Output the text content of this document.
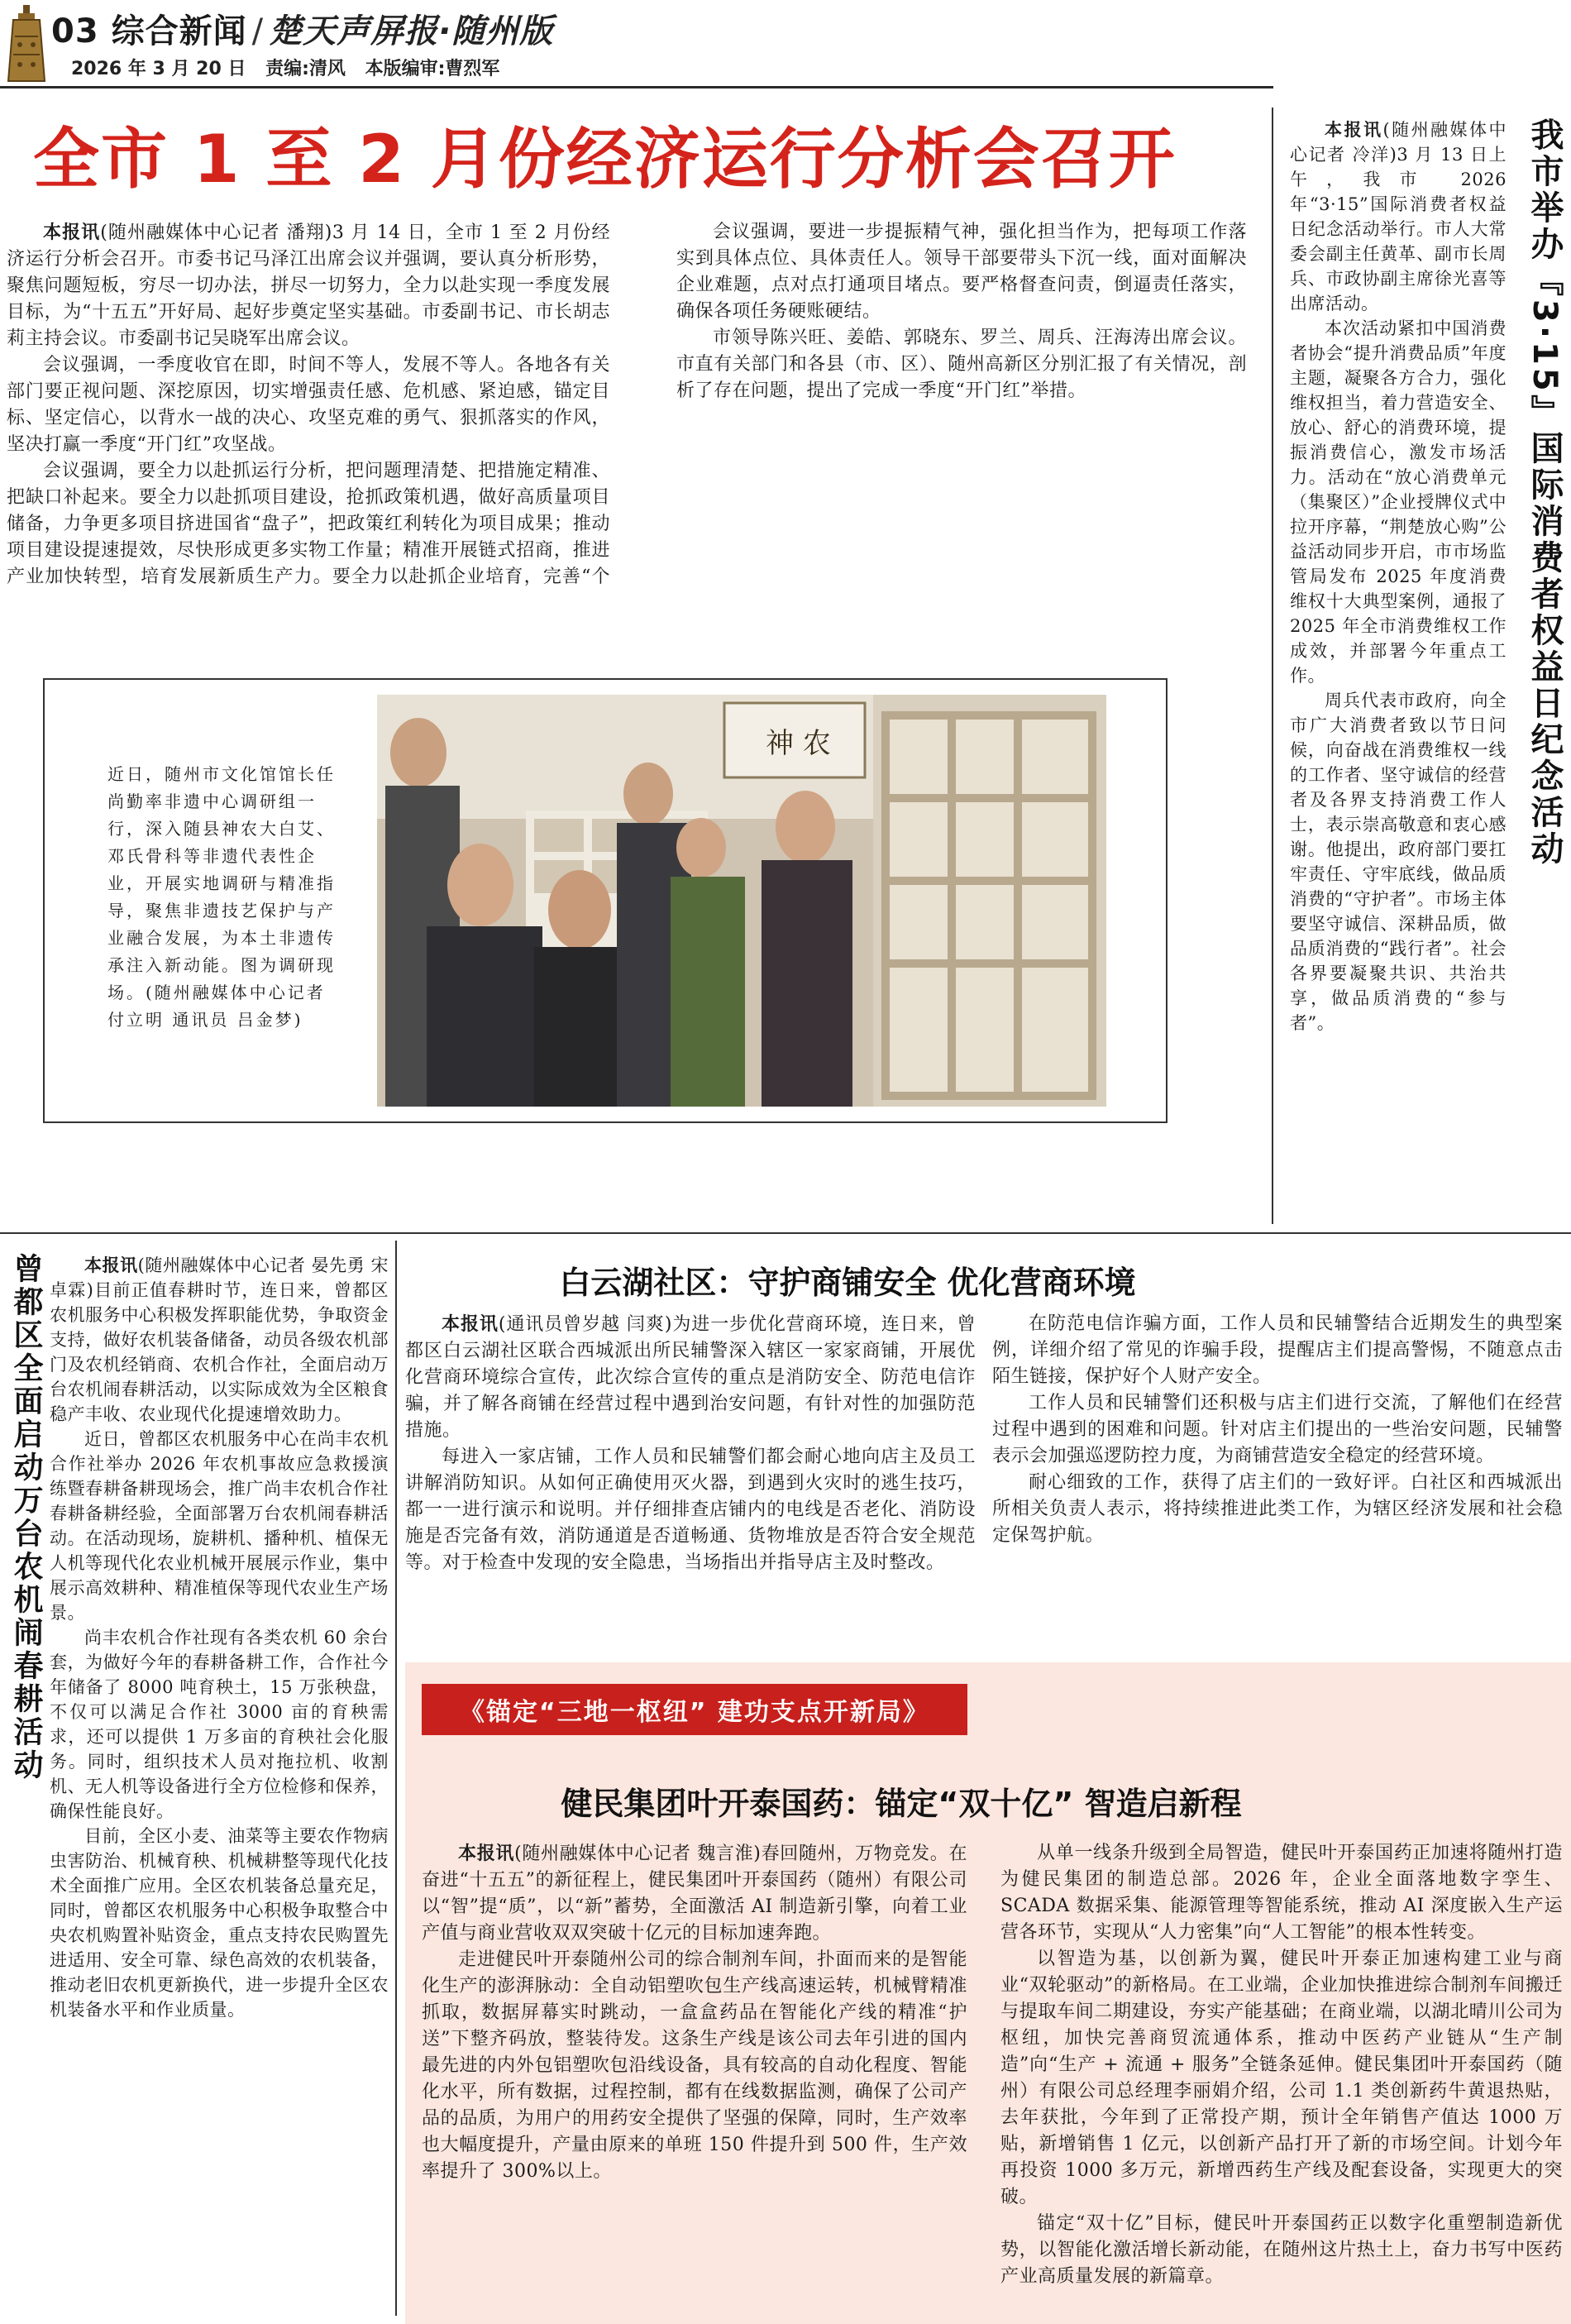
03 综合新闻 / 楚天声屏报·随州版
2026 年 3 月 20 日 责编:清风 本版编审:曹烈军
全市 1 至 2 月份经济运行分析会召开

本报讯(随州融媒体中心记者 潘翔)3 月 14 日，全市 1 至 2 月份经济运行分析会召开。市委书记马泽江出席会议并强调，要认真分析形势，聚焦问题短板，穷尽一切办法，拼尽一切努力，全力以赴实现一季度发展目标，为“十五五”开好局、起好步奠定坚实基础。市委副书记、市长胡志莉主持会议。市委副书记吴晓军出席会议。

会议强调，一季度收官在即，时间不等人，发展不等人。各地各有关部门要正视问题、深挖原因，切实增强责任感、危机感、紧迫感，锚定目标、坚定信心，以背水一战的决心、攻坚克难的勇气、狠抓落实的作风，坚决打赢一季度“开门红”攻坚战。

会议强调，要全力以赴抓运行分析，把问题理清楚、把措施定精准、把缺口补起来。要全力以赴抓项目建设，抢抓政策机遇，做好高质量项目储备，力争更多项目挤进国省“盘子”，把政策红利转化为项目成果；推动项目建设提速提效，尽快形成更多实物工作量；精准开展链式招商，推进产业加快转型，培育发展新质生产力。要全力以赴抓企业培育，完善“个

会议强调，要进一步提振精气神，强化担当作为，把每项工作落实到具体点位、具体责任人。领导干部要带头下沉一线，面对面解决企业难题，点对点打通项目堵点。要严格督查问责，倒逼责任落实，确保各项任务硬账硬结。

市领导陈兴旺、姜皓、郭晓东、罗兰、周兵、汪海涛出席会议。市直有关部门和各县（市、区）、随州高新区分别汇报了有关情况，剖析了存在问题，提出了完成一季度“开门红”举措。	我市举办『3·15』国际消费者权益日纪念活动

本报讯(随州融媒体中心记者 冷洋)3 月 13 日上午，我市 2026 年“3·15”国际消费者权益日纪念活动举行。市人大常委会副主任黄革、副市长周兵、市政协副主席徐光喜等出席活动。

本次活动紧扣中国消费者协会“提升消费品质”年度主题，凝聚各方合力，强化维权担当，着力营造安全、放心、舒心的消费环境，提振消费信心，激发市场活力。活动在“放心消费单元（集聚区）”企业授牌仪式中拉开序幕，“荆楚放心购”公益活动同步开启，市市场监管局发布 2025 年度消费维权十大典型案例，通报了 2025 年全市消费维权工作成效，并部署今年重点工作。

周兵代表市政府，向全市广大消费者致以节日问候，向奋战在消费维权一线的工作者、坚守诚信的经营者及各界支持消费工作人士，表示崇高敬意和衷心感谢。他提出，政府部门要扛牢责任、守牢底线，做品质消费的“守护者”。市场主体要坚守诚信、深耕品质，做品质消费的“践行者”。社会各界要凝聚共识、共治共享，做品质消费的“参与者”。

近日，随州市文化馆馆长任尚勤率非遗中心调研组一行，深入随县神农大白艾、邓氏骨科等非遗代表性企业，开展实地调研与精准指导，聚焦非遗技艺保护与产业融合发展，为本土非遗传承注入新动能。图为调研现场。(随州融媒体中心记者 付立明 通讯员 吕金梦)
神 农
曾都区全面启动万台农机闹春耕活动	本报讯(随州融媒体中心记者 晏先勇 宋卓霖)目前正值春耕时节，连日来，曾都区农机服务中心积极发挥职能优势，争取资金支持，做好农机装备储备，动员各级农机部门及农机经销商、农机合作社，全面启动万台农机闹春耕活动，以实际成效为全区粮食稳产丰收、农业现代化提速增效助力。

近日，曾都区农机服务中心在尚丰农机合作社举办 2026 年农机事故应急救援演练暨春耕备耕现场会，推广尚丰农机合作社春耕备耕经验，全面部署万台农机闹春耕活动。在活动现场，旋耕机、播种机、植保无人机等现代化农业机械开展展示作业，集中展示高效耕种、精准植保等现代农业生产场景。

尚丰农机合作社现有各类农机 60 余台套，为做好今年的春耕备耕工作，合作社今年储备了 8000 吨育秧土，15 万张秧盘，不仅可以满足合作社 3000 亩的育秧需求，还可以提供 1 万多亩的育秧社会化服务。同时，组织技术人员对拖拉机、收割机、无人机等设备进行全方位检修和保养，确保性能良好。

目前，全区小麦、油菜等主要农作物病虫害防治、机械育秧、机械耕整等现代化技术全面推广应用。全区农机装备总量充足，同时，曾都区农机服务中心积极争取整合中央农机购置补贴资金，重点支持农民购置先进适用、安全可靠、绿色高效的农机装备，推动老旧农机更新换代，进一步提升全区农机装备水平和作业质量。

白云湖社区：守护商铺安全 优化营商环境

本报讯(通讯员曾岁越 闫爽)为进一步优化营商环境，连日来，曾都区白云湖社区联合西城派出所民辅警深入辖区一家家商铺，开展优化营商环境综合宣传，此次综合宣传的重点是消防安全、防范电信诈骗，并了解各商铺在经营过程中遇到治安问题，有针对性的加强防范措施。

每进入一家店铺，工作人员和民辅警们都会耐心地向店主及员工讲解消防知识。从如何正确使用灭火器，到遇到火灾时的逃生技巧，都一一进行演示和说明。并仔细排查店铺内的电线是否老化、消防设施是否完备有效，消防通道是否道畅通、货物堆放是否符合安全规范等。对于检查中发现的安全隐患，当场指出并指导店主及时整改。

在防范电信诈骗方面，工作人员和民辅警结合近期发生的典型案例，详细介绍了常见的诈骗手段，提醒店主们提高警惕，不随意点击陌生链接，保护好个人财产安全。

工作人员和民辅警们还积极与店主们进行交流，了解他们在经营过程中遇到的困难和问题。针对店主们提出的一些治安问题，民辅警表示会加强巡逻防控力度，为商铺营造安全稳定的经营环境。

耐心细致的工作，获得了店主们的一致好评。白社区和西城派出所相关负责人表示，将持续推进此类工作，为辖区经济发展和社会稳定保驾护航。

《锚定“三地一枢纽” 建功支点开新局》
健民集团叶开泰国药：锚定“双十亿” 智造启新程

本报讯(随州融媒体中心记者 魏言淮)春回随州，万物竞发。在奋进“十五五”的新征程上，健民集团叶开泰国药（随州）有限公司以“智”提“质”，以“新”蓄势，全面激活 AI 制造新引擎，向着工业产值与商业营收双双突破十亿元的目标加速奔跑。

走进健民叶开泰随州公司的综合制剂车间，扑面而来的是智能化生产的澎湃脉动：全自动铝塑吹包生产线高速运转，机械臂精准抓取，数据屏幕实时跳动，一盒盒药品在智能化产线的精准“护送”下整齐码放，整装待发。这条生产线是该公司去年引进的国内最先进的内外包铝塑吹包沿线设备，具有较高的自动化程度、智能化水平，所有数据，过程控制，都有在线数据监测，确保了公司产品的品质，为用户的用药安全提供了坚强的保障，同时，生产效率也大幅度提升，产量由原来的单班 150 件提升到 500 件，生产效率提升了 300%以上。

从单一线条升级到全局智造，健民叶开泰国药正加速将随州打造为健民集团的制造总部。2026 年，企业全面落地数字孪生、SCADA 数据采集、能源管理等智能系统，推动 AI 深度嵌入生产运营各环节，实现从“人力密集”向“人工智能”的根本性转变。

以智造为基，以创新为翼，健民叶开泰正加速构建工业与商业“双轮驱动”的新格局。在工业端，企业加快推进综合制剂车间搬迁与提取车间二期建设，夯实产能基础；在商业端，以湖北晴川公司为枢纽，加快完善商贸流通体系，推动中医药产业链从“生产制造”向“生产 + 流通 + 服务”全链条延伸。健民集团叶开泰国药（随州）有限公司总经理李丽娟介绍，公司 1.1 类创新药牛黄退热贴，去年获批，今年到了正常投产期，预计全年销售产值达 1000 万贴，新增销售 1 亿元，以创新产品打开了新的市场空间。计划今年再投资 1000 多万元，新增西药生产线及配套设备，实现更大的突破。

锚定“双十亿”目标，健民叶开泰国药正以数字化重塑制造新优势，以智能化激活增长新动能，在随州这片热土上，奋力书写中医药产业高质量发展的新篇章。
